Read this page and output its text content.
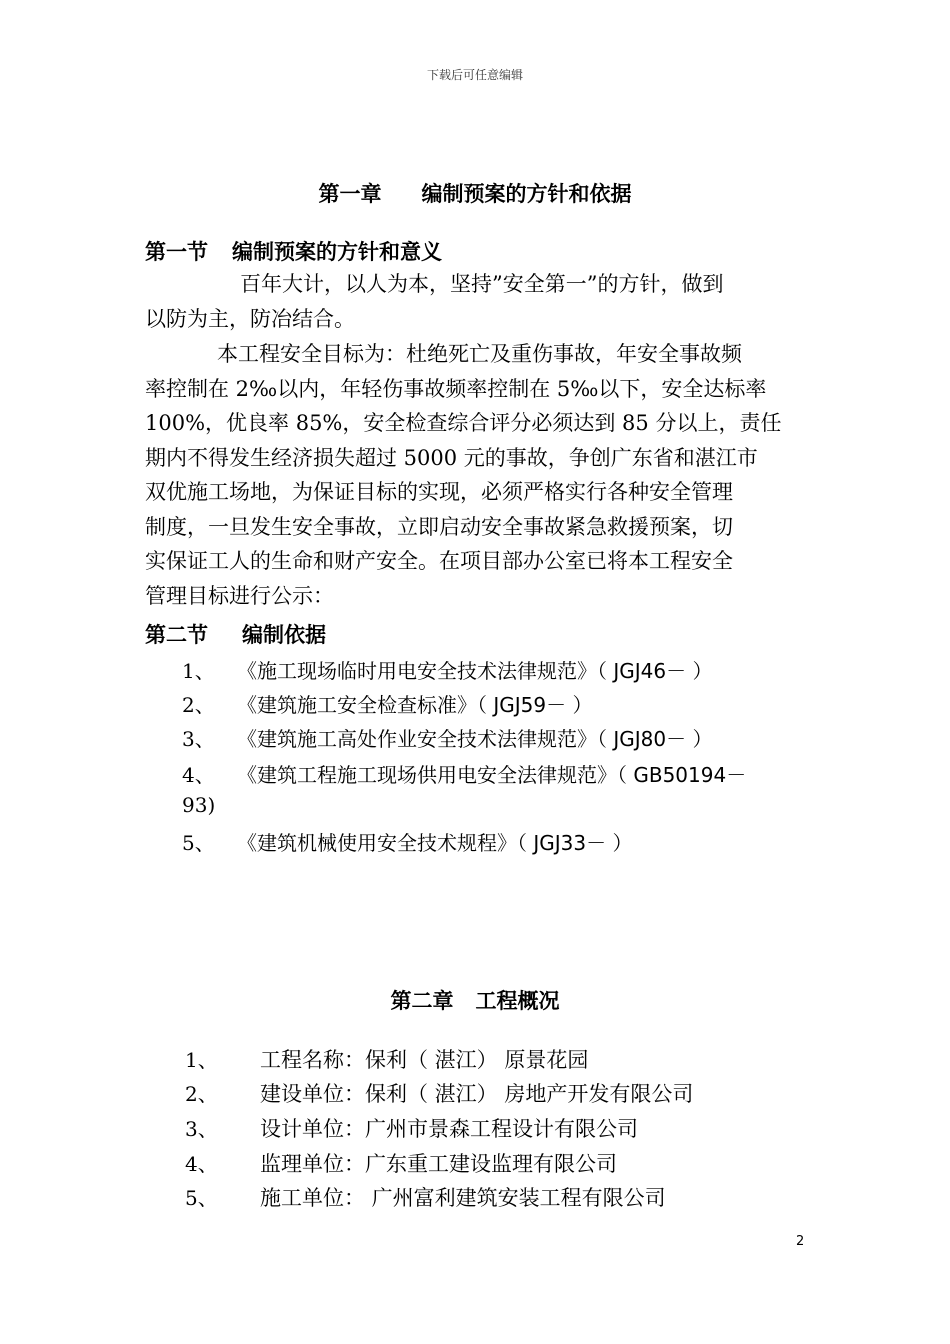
下载后可任意编辑
第一章 编制预案的方针和依据
第一节 编制预案的方针和意义
百年大计，以人为本，坚持”安全第一”的方针，做到
以防为主，防冶结合。
本工程安全目标为：杜绝死亡及重伤事故，年安全事故频
率控制在 2‰以内，年轻伤事故频率控制在 5‰以下，安全达标率
100%，优良率 85%，安全检查综合评分必须达到 85 分以上，责任
期内不得发生经济损失超过 5000 元的事故，争创广东省和湛江市
双优施工场地，为保证目标的实现，必须严格实行各种安全管理
制度，一旦发生安全事故，立即启动安全事故紧急救援预案，切
实保证工人的生命和财产安全。在项目部办公室已将本工程安全
管理目标进行公示：
第二节 编制依据
1、 《施工现场临时用电安全技术法律规范》（ JGJ46－ ）
2、 《建筑施工安全检查标准》（ JGJ59－ ）
3、 《建筑施工高处作业安全技术法律规范》（ JGJ80－ ）
4、 《建筑工程施工现场供用电安全法律规范》（ GB50194－
93)
5、 《建筑机械使用安全技术规程》（ JGJ33－ ）
第二章 工程概况
1、 工程名称：保利（ 湛江） 原景花园
2、 建设单位：保利（ 湛江） 房地产开发有限公司
3、 设计单位：广州市景森工程设计有限公司
4、 监理单位：广东重工建设监理有限公司
5、 施工单位： 广州富利建筑安装工程有限公司
2
